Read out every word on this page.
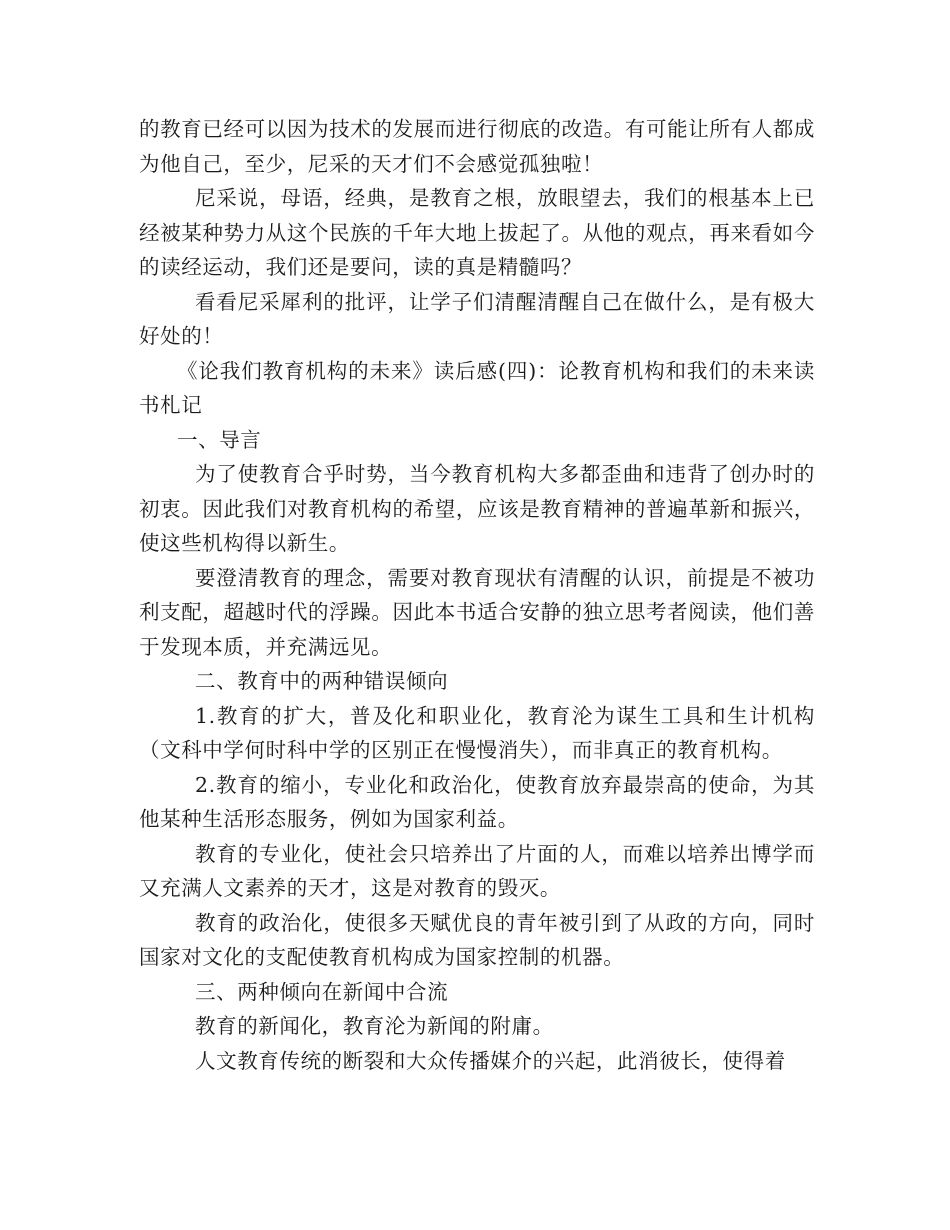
的教育已经可以因为技术的发展而进行彻底的改造。有可能让所有人都成为他自己，至少，尼采的天才们不会感觉孤独啦！

尼采说，母语，经典，是教育之根，放眼望去，我们的根基本上已经被某种势力从这个民族的千年大地上拔起了。从他的观点，再来看如今的读经运动，我们还是要问，读的真是精髓吗？

看看尼采犀利的批评，让学子们清醒清醒自己在做什么，是有极大好处的！

《论我们教育机构的未来》读后感(四)：论教育机构和我们的未来读书札记

一、导言

为了使教育合乎时势，当今教育机构大多都歪曲和违背了创办时的初衷。因此我们对教育机构的希望，应该是教育精神的普遍革新和振兴，使这些机构得以新生。

要澄清教育的理念，需要对教育现状有清醒的认识，前提是不被功利支配，超越时代的浮躁。因此本书适合安静的独立思考者阅读，他们善于发现本质，并充满远见。

二、教育中的两种错误倾向

1.教育的扩大，普及化和职业化，教育沦为谋生工具和生计机构（文科中学何时科中学的区别正在慢慢消失），而非真正的教育机构。

2.教育的缩小，专业化和政治化，使教育放弃最崇高的使命，为其他某种生活形态服务，例如为国家利益。

教育的专业化，使社会只培养出了片面的人，而难以培养出博学而又充满人文素养的天才，这是对教育的毁灭。

教育的政治化，使很多天赋优良的青年被引到了从政的方向，同时国家对文化的支配使教育机构成为国家控制的机器。

三、两种倾向在新闻中合流

教育的新闻化，教育沦为新闻的附庸。

人文教育传统的断裂和大众传播媒介的兴起，此消彼长，使得着
